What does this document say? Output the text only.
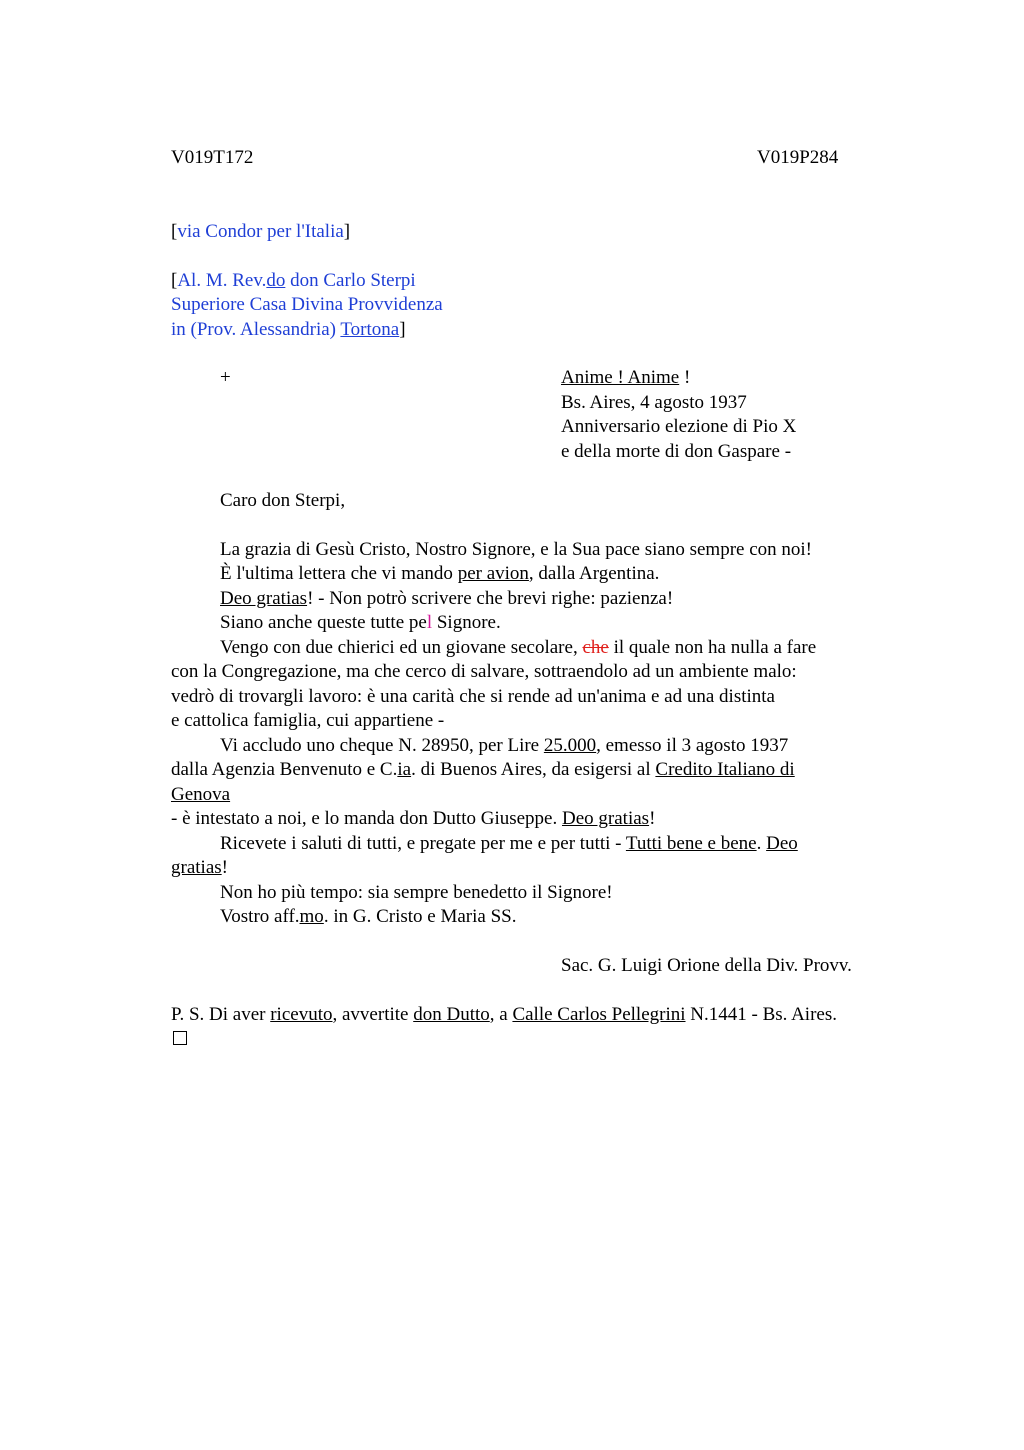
V019T172	V019P284
[via Condor per l'Italia]
[Al. M. Rev.do don Carlo Sterpi
Superiore Casa Divina Provvidenza
in (Prov. Alessandria) Tortona]
+	Anime ! Anime !
Bs. Aires, 4 agosto 1937
Anniversario elezione di Pio X
e della morte di don Gaspare -
Caro don Sterpi,
La grazia di Gesù Cristo, Nostro Signore, e la Sua pace siano sempre con noi!
È l'ultima lettera che vi mando per avion, dalla Argentina.
Deo gratias! - Non potrò scrivere che brevi righe: pazienza!
Siano anche queste tutte pel Signore.
Vengo con due chierici ed un giovane secolare, che il quale non ha nulla a fare
con la Congregazione, ma che cerco di salvare, sottraendolo ad un ambiente malo:
vedrò di trovargli lavoro: è una carità che si rende ad un'anima e ad una distinta
e cattolica famiglia, cui appartiene -
Vi accludo uno cheque N. 28950, per Lire 25.000, emesso il 3 agosto 1937
dalla Agenzia Benvenuto e C.ia. di Buenos Aires, da esigersi al Credito Italiano di
Genova
- è intestato a noi, e lo manda don Dutto Giuseppe. Deo gratias!
Ricevete i saluti di tutti, e pregate per me e per tutti - Tutti bene e bene. Deo
gratias!
Non ho più tempo: sia sempre benedetto il Signore!
Vostro aff.mo. in G. Cristo e Maria SS.
Sac. G. Luigi Orione della Div. Provv.
P. S. Di aver ricevuto, avvertite don Dutto, a Calle Carlos Pellegrini N.1441 - Bs. Aires.
